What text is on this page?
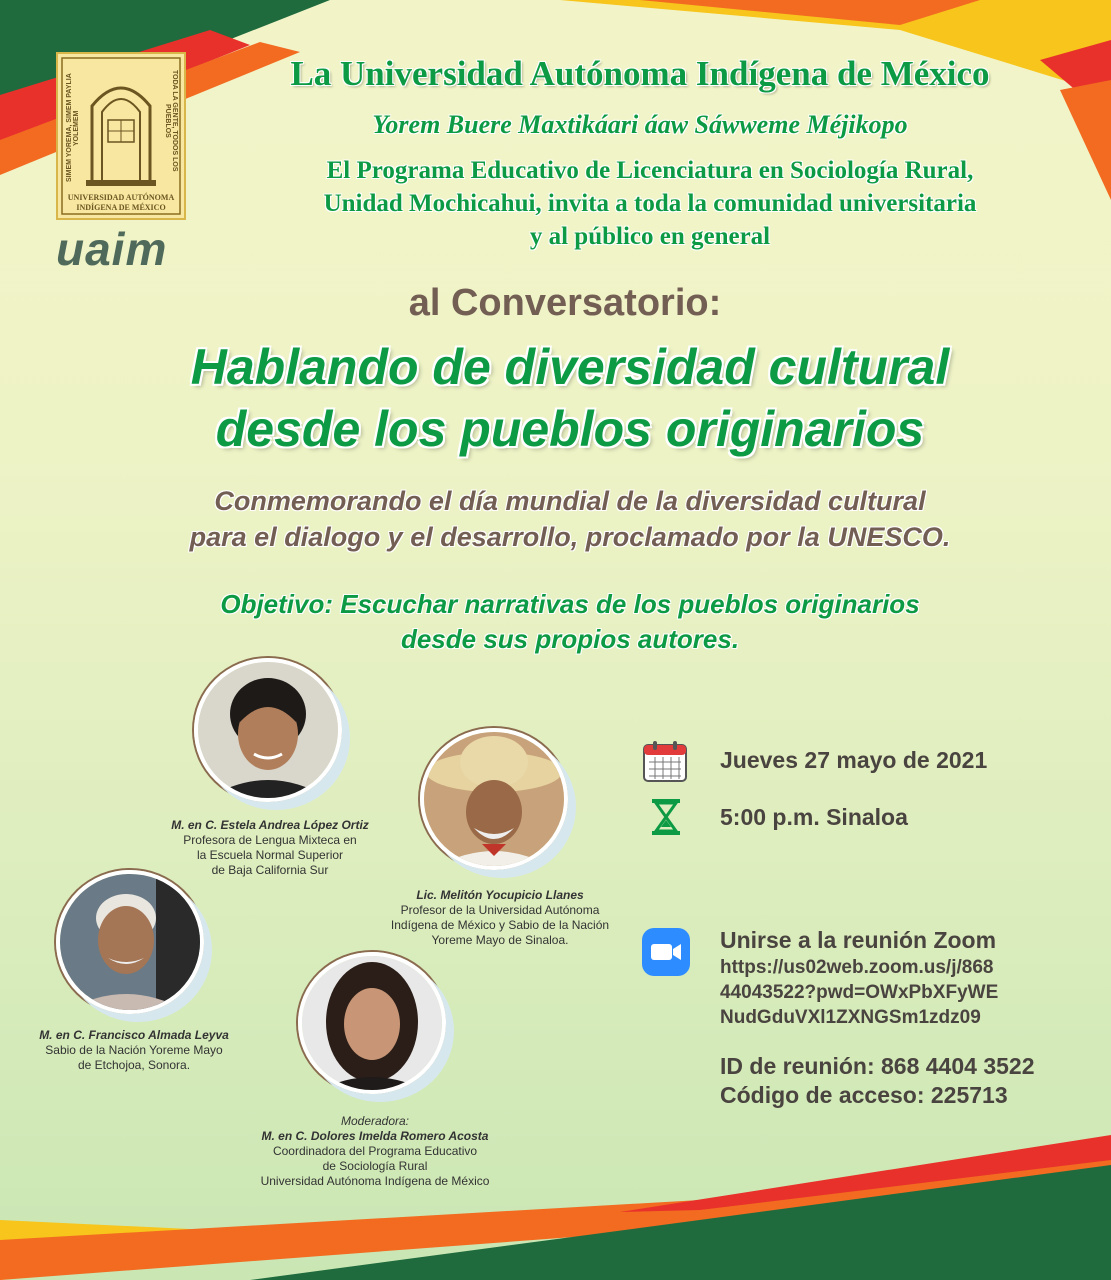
SIMEM YOREMA, SIMEM PAYLIA YOLEMEM	TODA LA GENTE, TODOS LOS PUEBLOS
UNIVERSIDAD AUTÓNOMA
INDÍGENA DE MÉXICO
uaim
La Universidad Autónoma Indígena de México
Yorem Buere Maxtikáari áaw Sáwweme Méjikopo
El Programa Educativo de Licenciatura en Sociología Rural,
Unidad Mochicahui, invita a toda la comunidad universitaria
y al público en general
al Conversatorio:
Hablando de diversidad cultural
desde los pueblos originarios
Conmemorando el día mundial de la diversidad cultural
para el dialogo y el desarrollo, proclamado por la UNESCO.
Objetivo: Escuchar narrativas de los pueblos originarios
desde sus propios autores.
M. en C. Estela Andrea López Ortiz
Profesora de Lengua Mixteca en
la Escuela Normal Superior
de Baja California Sur
Lic. Melitón Yocupicio Llanes
Profesor de la Universidad Autónoma
Indígena de México y Sabio de la Nación
Yoreme Mayo de Sinaloa.
M. en C. Francisco Almada Leyva
Sabio de la Nación Yoreme Mayo
de Etchojoa, Sonora.
Moderadora:
M. en C. Dolores Imelda Romero Acosta
Coordinadora del Programa Educativo
de Sociología Rural
Universidad Autónoma Indígena de México
Jueves 27 mayo de 2021
5:00 p.m. Sinaloa
Unirse a la reunión Zoom
https://us02web.zoom.us/j/868
44043522?pwd=OWxPbXFyWE
NudGduVXl1ZXNGSm1zdz09
ID de reunión: 868 4404 3522
Código de acceso: 225713
